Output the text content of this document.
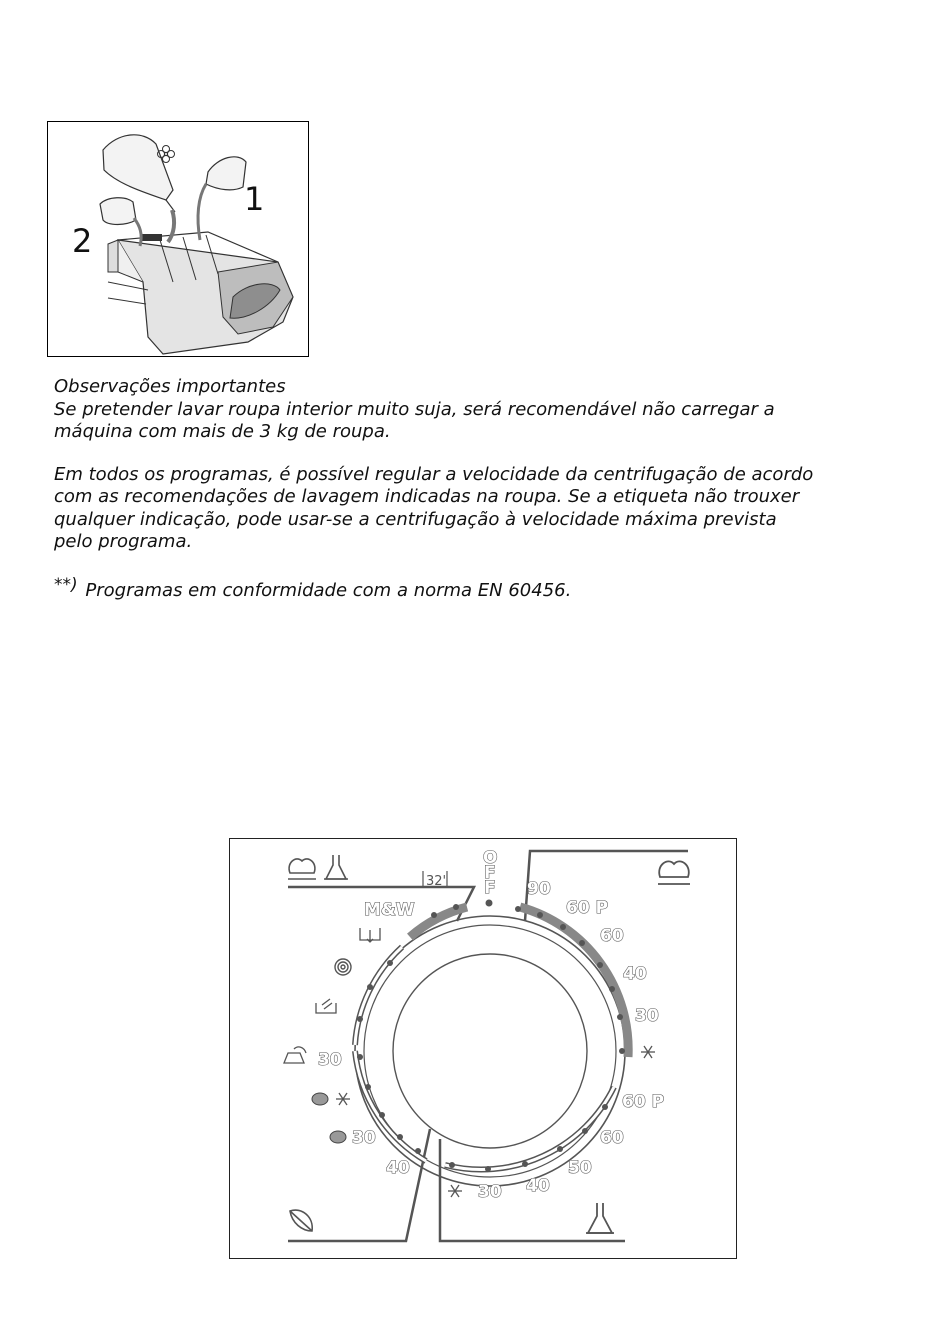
1
2

Observações importantes

Se pretender lavar roupa interior muito suja, será recomendável não carregar a
máquina com mais de 3 kg de roupa.

Em todos os programas, é possível regular a velocidade da centrifugação de acordo
com as recomendações de lavagem indicadas na roupa. Se a etiqueta não trouxer
qualquer indicação, pode usar-se a centrifugação à velocidade máxima prevista
pelo programa.

**) Programas em conformidade com a norma EN 60456.

O
F
F 90
60 P
60
40
30
60 P
60
50
40
30
40
30
30
M&W
32'
